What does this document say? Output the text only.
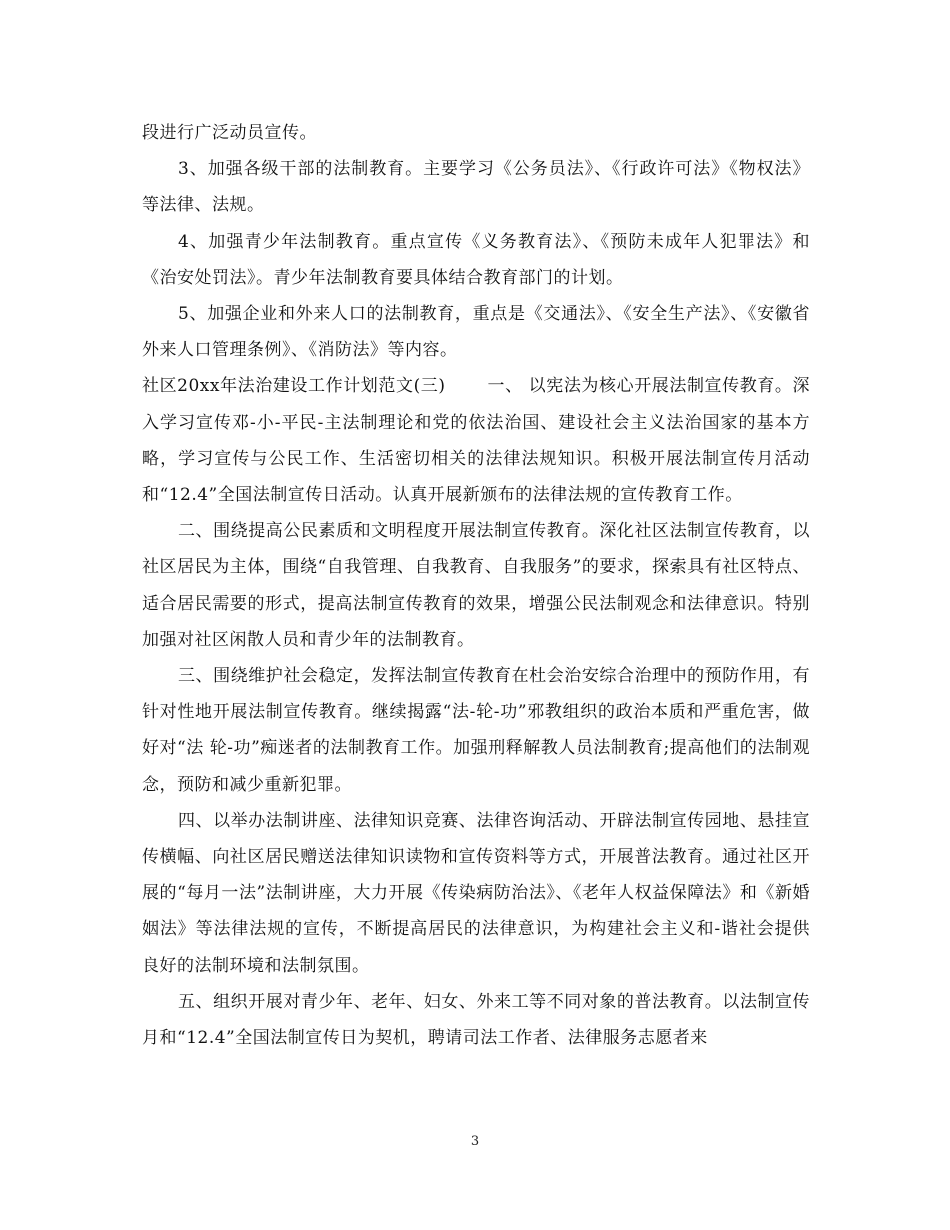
段进行广泛动员宣传。

3、加强各级干部的法制教育。主要学习《公务员法》、《行政许可法》《物权法》等法律、法规。

4、加强青少年法制教育。重点宣传《义务教育法》、《预防未成年人犯罪法》和《治安处罚法》。青少年法制教育要具体结合教育部门的计划。

5、加强企业和外来人口的法制教育，重点是《交通法》、《安全生产法》、《安徽省外来人口管理条例》、《消防法》等内容。

社区20xx年法治建设工作计划范文(三) 一、 以宪法为核心开展法制宣传教育。深入学习宣传邓-小-平民-主法制理论和党的依法治国、建设社会主义法治国家的基本方略，学习宣传与公民工作、生活密切相关的法律法规知识。积极开展法制宣传月活动和“12.4”全国法制宣传日活动。认真开展新颁布的法律法规的宣传教育工作。

二、围绕提高公民素质和文明程度开展法制宣传教育。深化社区法制宣传教育，以社区居民为主体，围绕“自我管理、自我教育、自我服务”的要求，探索具有社区特点、适合居民需要的形式，提高法制宣传教育的效果，增强公民法制观念和法律意识。特别加强对社区闲散人员和青少年的法制教育。

三、围绕维护社会稳定，发挥法制宣传教育在杜会治安综合治理中的预防作用，有针对性地开展法制宣传教育。继续揭露“法-轮-功”邪教组织的政治本质和严重危害，做好对“法 轮-功”痴迷者的法制教育工作。加强刑释解教人员法制教育;提高他们的法制观念，预防和减少重新犯罪。

四、以举办法制讲座、法律知识竞赛、法律咨询活动、开辟法制宣传园地、悬挂宣传横幅、向社区居民赠送法律知识读物和宣传资料等方式，开展普法教育。通过社区开展的“每月一法”法制讲座，大力开展《传染病防治法》、《老年人权益保障法》和《新婚姻法》等法律法规的宣传，不断提高居民的法律意识，为构建社会主义和-谐社会提供良好的法制环境和法制氛围。

五、组织开展对青少年、老年、妇女、外来工等不同对象的普法教育。以法制宣传月和“12.4”全国法制宣传日为契机，聘请司法工作者、法律服务志愿者来

3
